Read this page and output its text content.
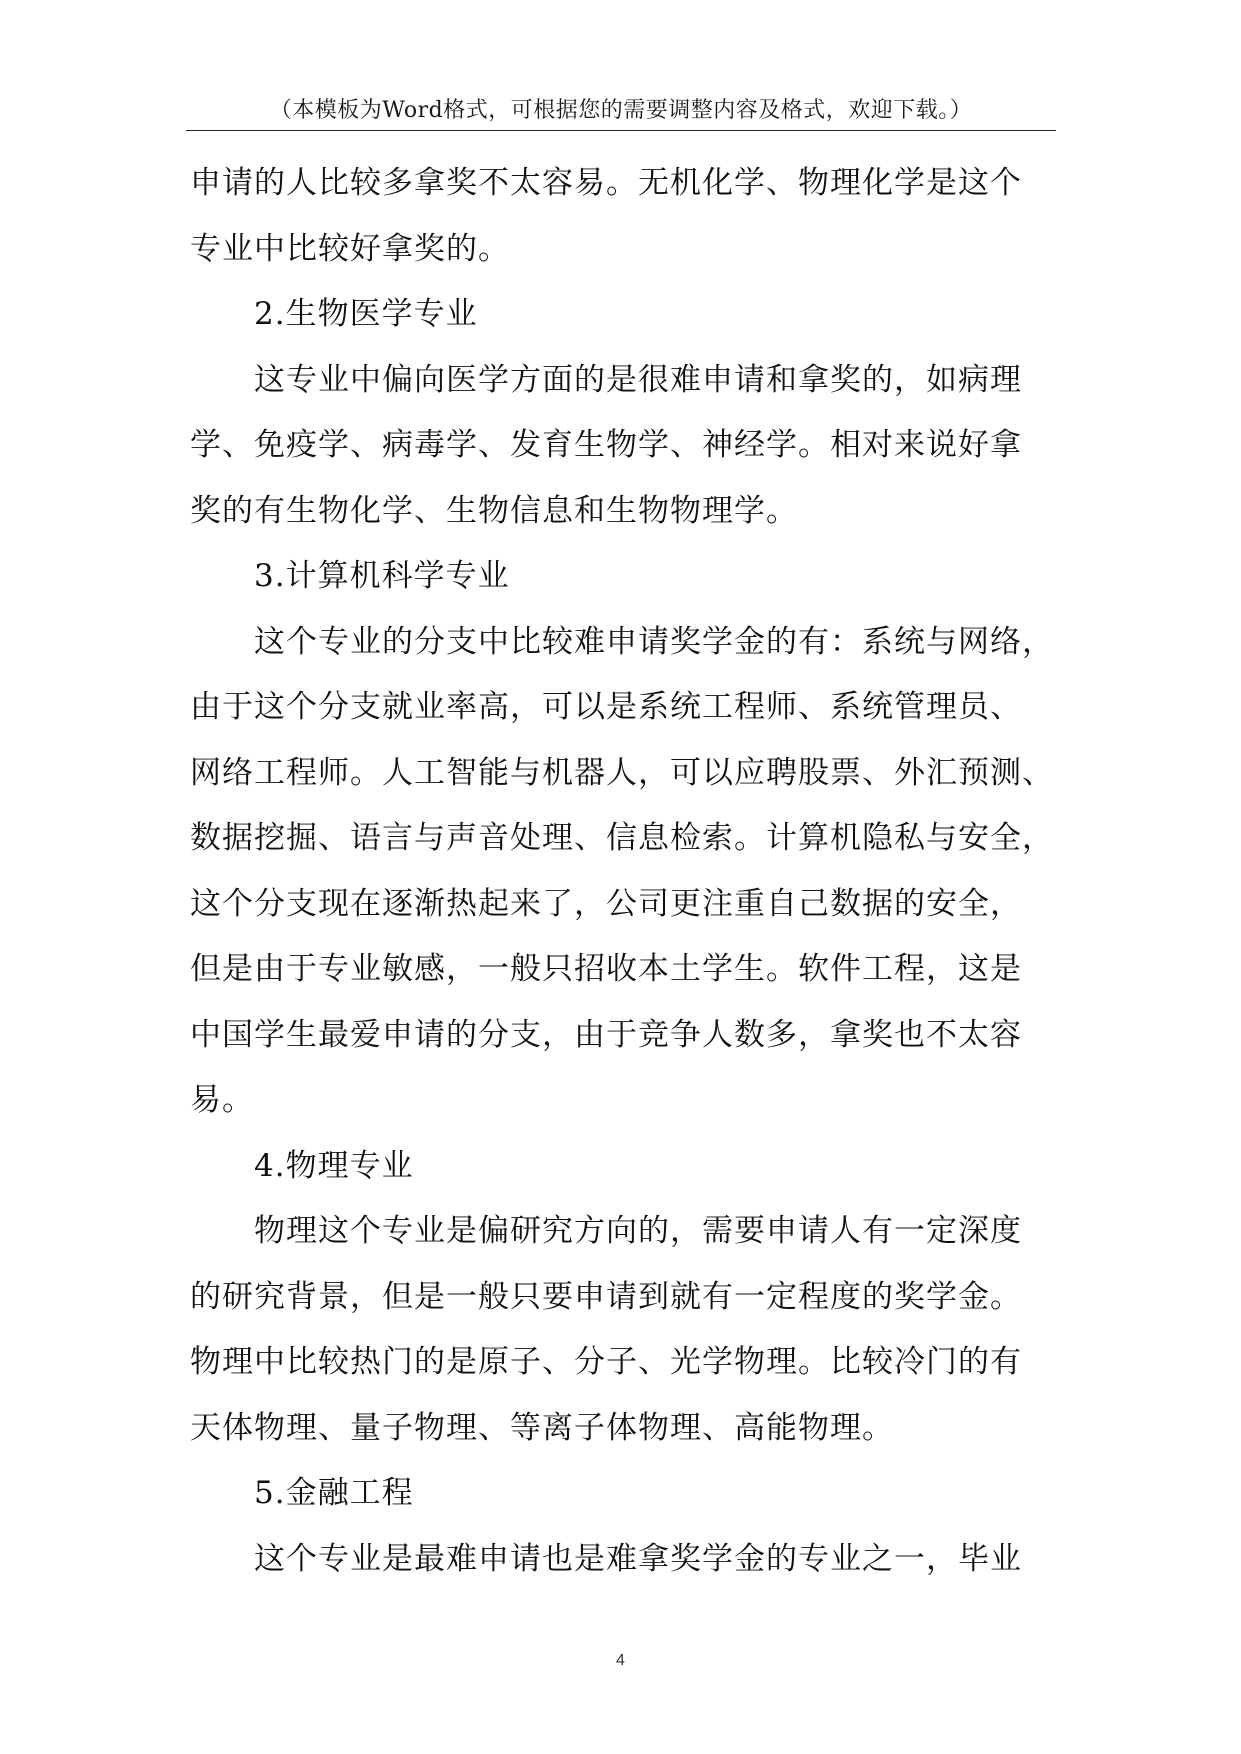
（本模板为Word格式，可根据您的需要调整内容及格式，欢迎下载。）
申请的人比较多拿奖不太容易。无机化学、物理化学是这个
专业中比较好拿奖的。
2.生物医学专业
这专业中偏向医学方面的是很难申请和拿奖的，如病理
学、免疫学、病毒学、发育生物学、神经学。相对来说好拿
奖的有生物化学、生物信息和生物物理学。
3.计算机科学专业
这个专业的分支中比较难申请奖学金的有：系统与网络，
由于这个分支就业率高，可以是系统工程师、系统管理员、
网络工程师。人工智能与机器人，可以应聘股票、外汇预测、
数据挖掘、语言与声音处理、信息检索。计算机隐私与安全，
这个分支现在逐渐热起来了，公司更注重自己数据的安全，
但是由于专业敏感，一般只招收本土学生。软件工程，这是
中国学生最爱申请的分支，由于竞争人数多，拿奖也不太容
易。
4.物理专业
物理这个专业是偏研究方向的，需要申请人有一定深度
的研究背景，但是一般只要申请到就有一定程度的奖学金。
物理中比较热门的是原子、分子、光学物理。比较冷门的有
天体物理、量子物理、等离子体物理、高能物理。
5.金融工程
这个专业是最难申请也是难拿奖学金的专业之一，毕业
4
